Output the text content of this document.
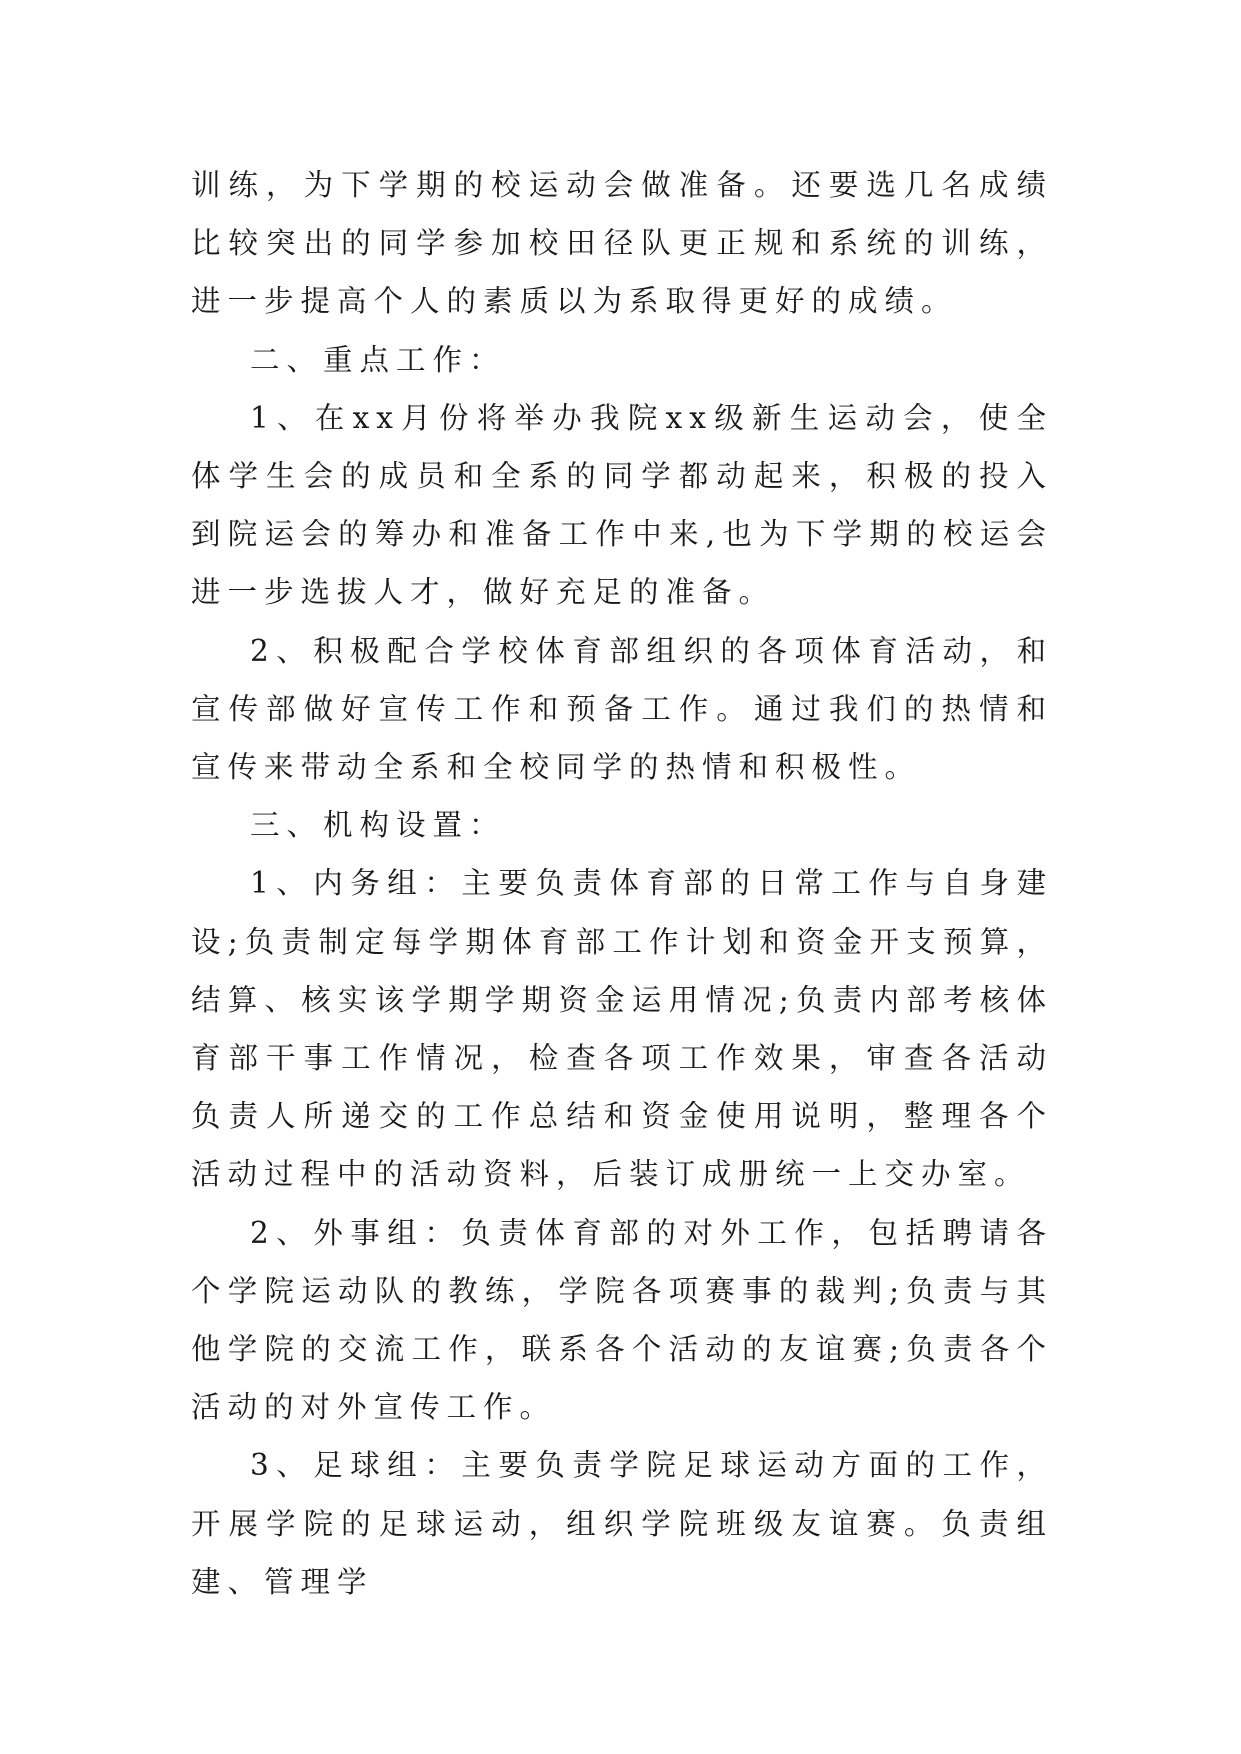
训练，为下学期的校运动会做准备。还要选几名成绩比较突出的同学参加校田径队更正规和系统的训练，进一步提高个人的素质以为系取得更好的成绩。

二、重点工作：

1、在xx月份将举办我院xx级新生运动会，使全体学生会的成员和全系的同学都动起来，积极的投入到院运会的筹办和准备工作中来,也为下学期的校运会进一步选拔人才，做好充足的准备。

2、积极配合学校体育部组织的各项体育活动，和宣传部做好宣传工作和预备工作。通过我们的热情和宣传来带动全系和全校同学的热情和积极性。

三、机构设置：

1、内务组：主要负责体育部的日常工作与自身建设;负责制定每学期体育部工作计划和资金开支预算，结算、核实该学期学期资金运用情况;负责内部考核体育部干事工作情况，检查各项工作效果，审查各活动负责人所递交的工作总结和资金使用说明，整理各个活动过程中的活动资料，后装订成册统一上交办室。

2、外事组：负责体育部的对外工作，包括聘请各个学院运动队的教练，学院各项赛事的裁判;负责与其他学院的交流工作，联系各个活动的友谊赛;负责各个活动的对外宣传工作。

3、足球组：主要负责学院足球运动方面的工作，开展学院的足球运动，组织学院班级友谊赛。负责组建、管理学
